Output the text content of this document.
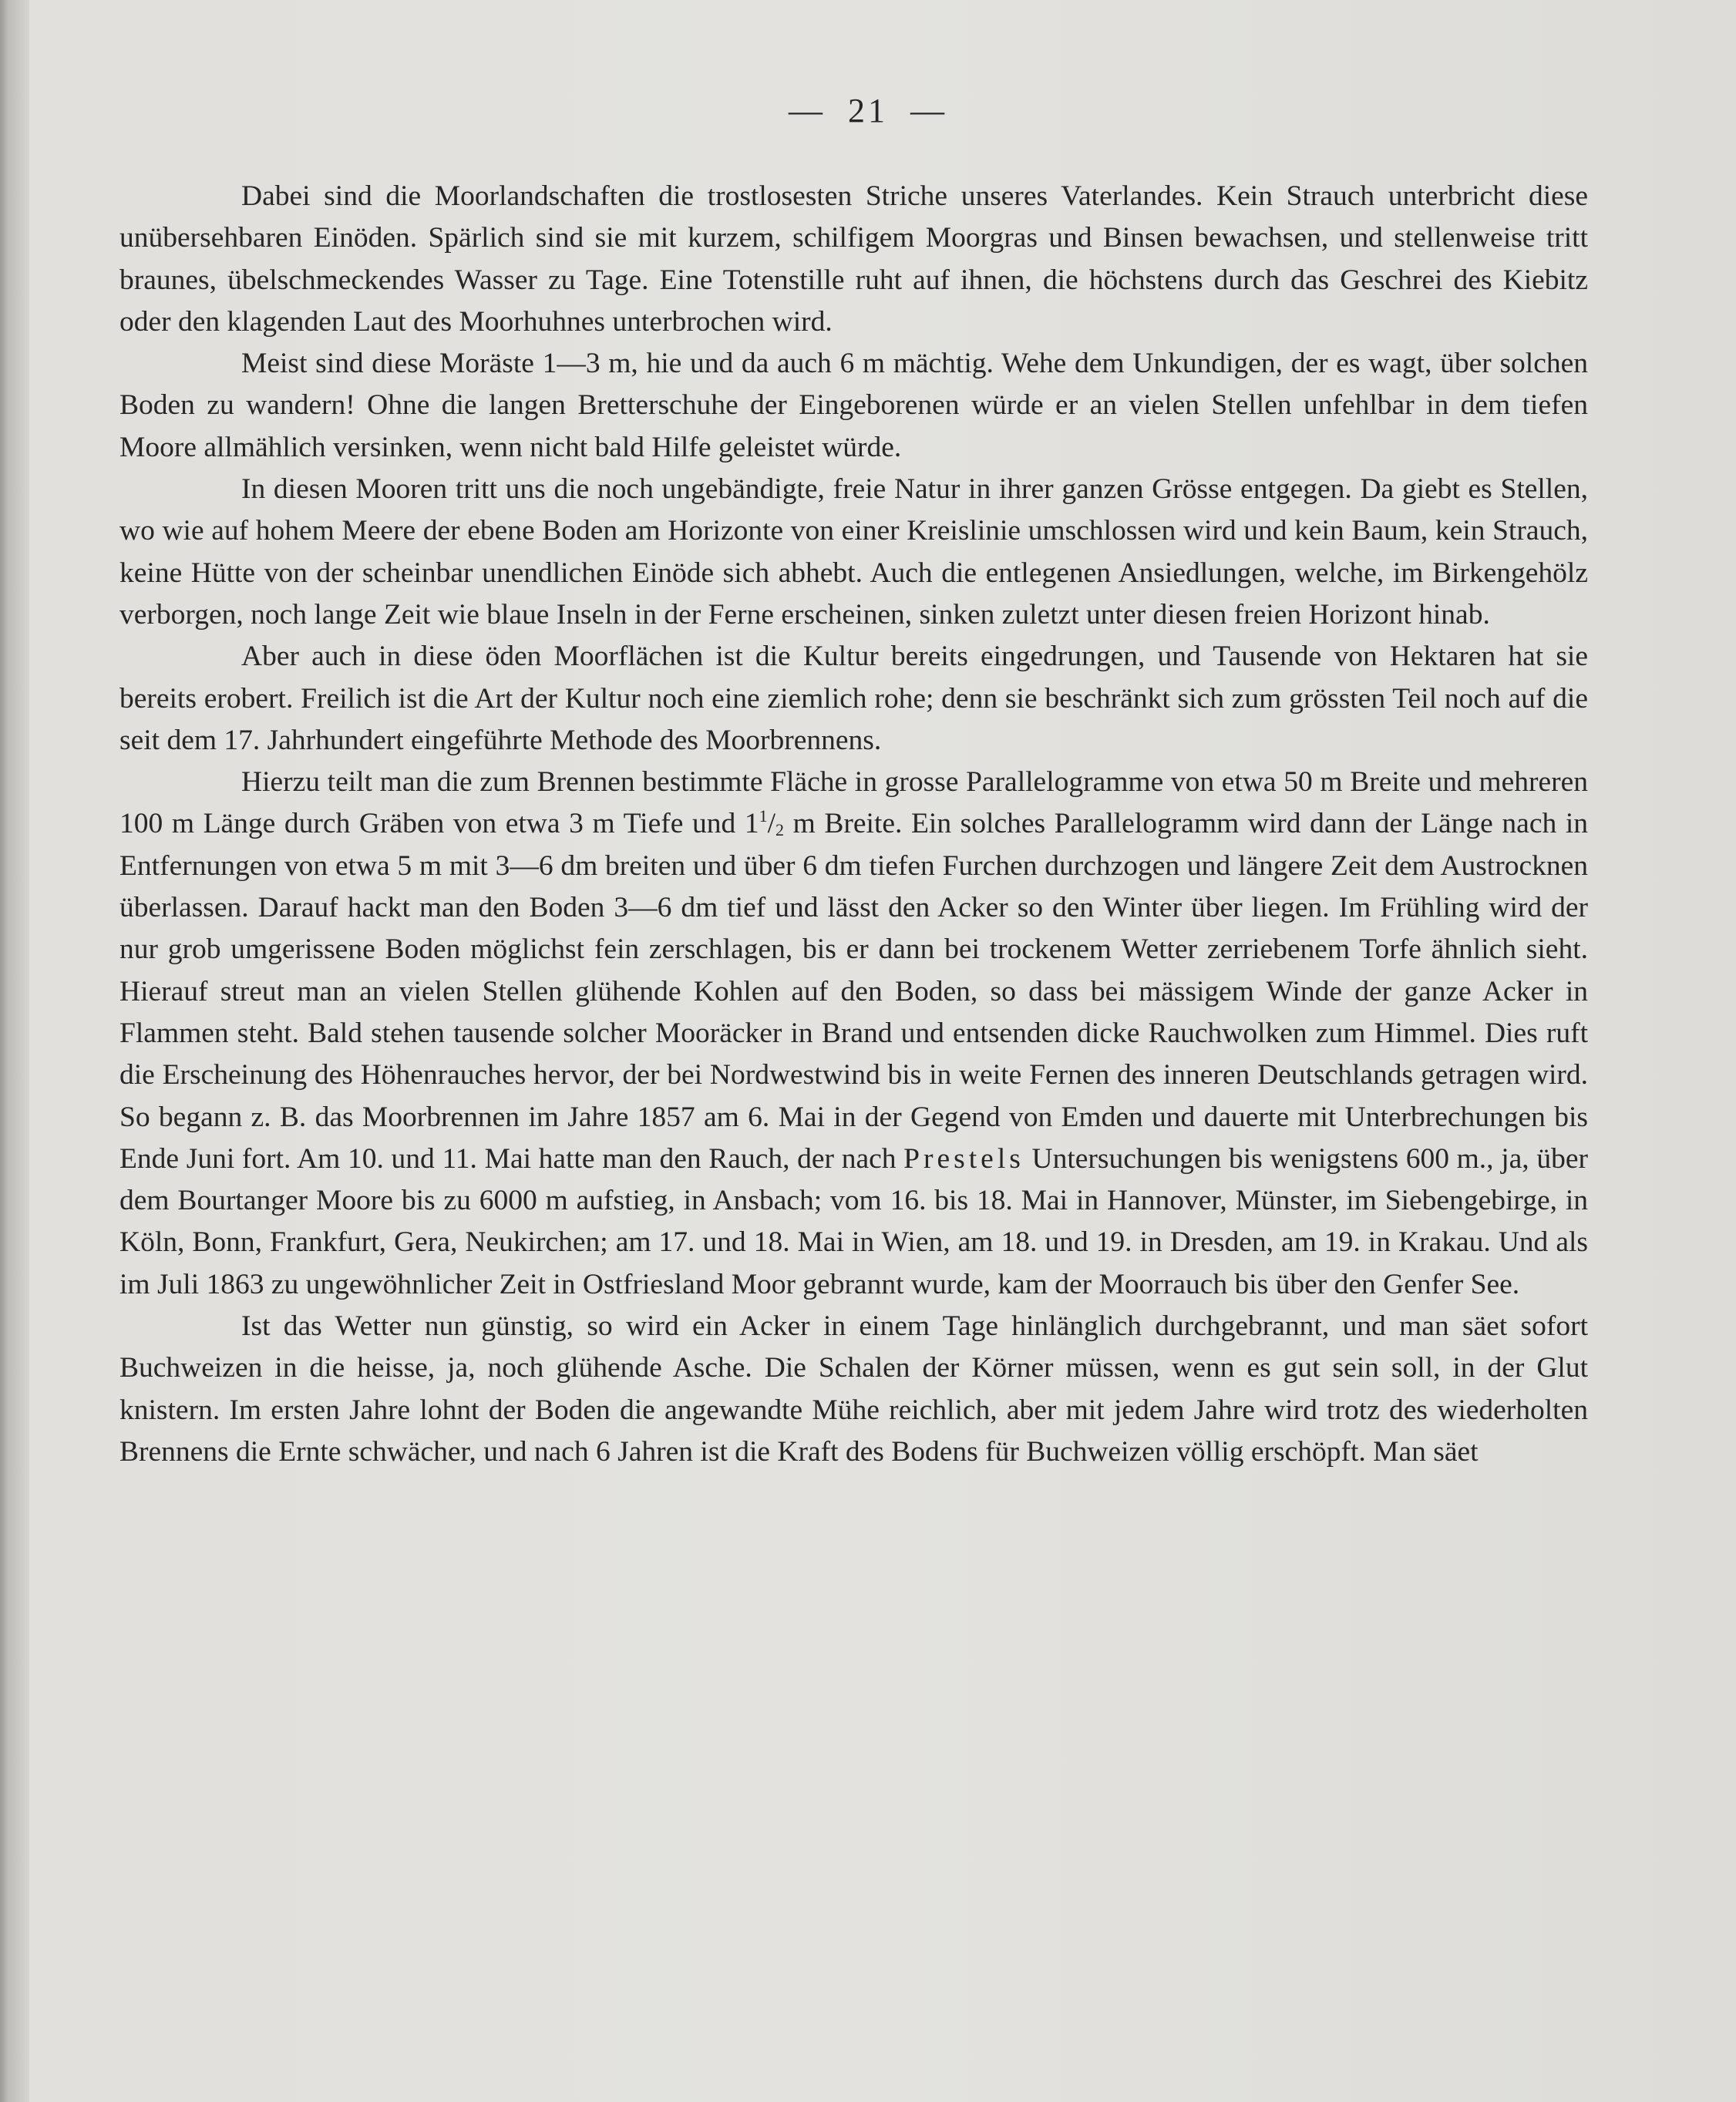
— 21 —

Dabei sind die Moorlandschaften die trostlosesten Striche unseres Vaterlandes. Kein Strauch unterbricht diese unübersehbaren Einöden. Spärlich sind sie mit kurzem, schilfigem Moorgras und Binsen bewachsen, und stellenweise tritt braunes, übelschmeckendes Wasser zu Tage. Eine Totenstille ruht auf ihnen, die höchstens durch das Geschrei des Kiebitz oder den klagenden Laut des Moorhuhnes unterbrochen wird.

Meist sind diese Moräste 1—3 m, hie und da auch 6 m mächtig. Wehe dem Unkundigen, der es wagt, über solchen Boden zu wandern! Ohne die langen Bretterschuhe der Eingeborenen würde er an vielen Stellen unfehlbar in dem tiefen Moore allmählich versinken, wenn nicht bald Hilfe geleistet würde.

In diesen Mooren tritt uns die noch ungebändigte, freie Natur in ihrer ganzen Grösse entgegen. Da giebt es Stellen, wo wie auf hohem Meere der ebene Boden am Horizonte von einer Kreislinie umschlossen wird und kein Baum, kein Strauch, keine Hütte von der scheinbar unendlichen Einöde sich abhebt. Auch die entlegenen Ansiedlungen, welche, im Birkengehölz verborgen, noch lange Zeit wie blaue Inseln in der Ferne erscheinen, sinken zuletzt unter diesen freien Horizont hinab.

Aber auch in diese öden Moorflächen ist die Kultur bereits eingedrungen, und Tausende von Hektaren hat sie bereits erobert. Freilich ist die Art der Kultur noch eine ziemlich rohe; denn sie beschränkt sich zum grössten Teil noch auf die seit dem 17. Jahrhundert eingeführte Methode des Moorbrennens.

Hierzu teilt man die zum Brennen bestimmte Fläche in grosse Parallelogramme von etwa 50 m Breite und mehreren 100 m Länge durch Gräben von etwa 3 m Tiefe und $1^1/_2$ m Breite. Ein solches Parallelogramm wird dann der Länge nach in Entfernungen von etwa 5 m mit 3—6 dm breiten und über 6 dm tiefen Furchen durchzogen und längere Zeit dem Austrocknen überlassen. Darauf hackt man den Boden 3—6 dm tief und lässt den Acker so den Winter über liegen. Im Frühling wird der nur grob umgerissene Boden möglichst fein zerschlagen, bis er dann bei trockenem Wetter zerriebenem Torfe ähnlich sieht. Hierauf streut man an vielen Stellen glühende Kohlen auf den Boden, so dass bei mässigem Winde der ganze Acker in Flammen steht. Bald stehen tausende solcher Mooräcker in Brand und entsenden dicke Rauchwolken zum Himmel. Dies ruft die Erscheinung des Höhenrauches hervor, der bei Nordwestwind bis in weite Fernen des inneren Deutschlands getragen wird. So begann z. B. das Moorbrennen im Jahre 1857 am 6. Mai in der Gegend von Emden und dauerte mit Unterbrechungen bis Ende Juni fort. Am 10. und 11. Mai hatte man den Rauch, der nach Prestels Untersuchungen bis wenigstens 600 m., ja, über dem Bourtanger Moore bis zu 6000 m aufstieg, in Ansbach; vom 16. bis 18. Mai in Hannover, Münster, im Siebengebirge, in Köln, Bonn, Frankfurt, Gera, Neukirchen; am 17. und 18. Mai in Wien, am 18. und 19. in Dresden, am 19. in Krakau. Und als im Juli 1863 zu ungewöhnlicher Zeit in Ostfriesland Moor gebrannt wurde, kam der Moorrauch bis über den Genfer See.

Ist das Wetter nun günstig, so wird ein Acker in einem Tage hinlänglich durchgebrannt, und man säet sofort Buchweizen in die heisse, ja, noch glühende Asche. Die Schalen der Körner müssen, wenn es gut sein soll, in der Glut knistern. Im ersten Jahre lohnt der Boden die angewandte Mühe reichlich, aber mit jedem Jahre wird trotz des wiederholten Brennens die Ernte schwächer, und nach 6 Jahren ist die Kraft des Bodens für Buchweizen völlig erschöpft. Man säet
